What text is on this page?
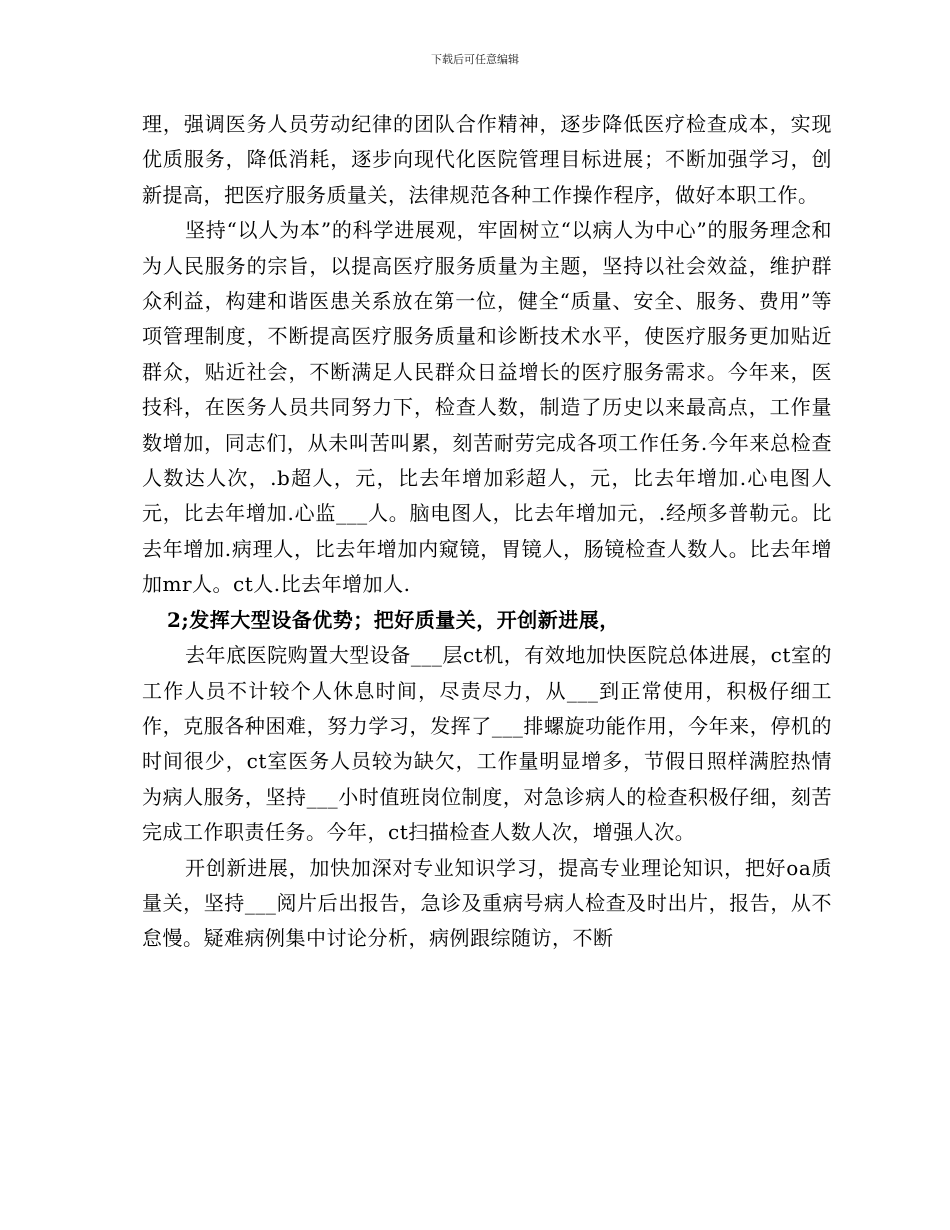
下载后可任意编辑

理，强调医务人员劳动纪律的团队合作精神，逐步降低医疗检查成本，实现优质服务，降低消耗，逐步向现代化医院管理目标进展；不断加强学习，创新提高，把医疗服务质量关，法律规范各种工作操作程序，做好本职工作。

坚持“以人为本”的科学进展观，牢固树立“以病人为中心”的服务理念和为人民服务的宗旨，以提高医疗服务质量为主题，坚持以社会效益，维护群众利益，构建和谐医患关系放在第一位，健全“质量、安全、服务、费用”等项管理制度，不断提高医疗服务质量和诊断技术水平，使医疗服务更加贴近群众，贴近社会，不断满足人民群众日益增长的医疗服务需求。今年来，医技科，在医务人员共同努力下，检查人数，制造了历史以来最高点，工作量数增加，同志们，从未叫苦叫累，刻苦耐劳完成各项工作任务.今年来总检查人数达人次，.b超人，元，比去年增加彩超人，元，比去年增加.心电图人元，比去年增加.心监___人。脑电图人，比去年增加元，.经颅多普勒元。比去年增加.病理人，比去年增加内窥镜，胃镜人，肠镜检查人数人。比去年增加mr人。ct人.比去年增加人.

2;发挥大型设备优势；把好质量关，开创新进展，

去年底医院购置大型设备___层ct机，有效地加快医院总体进展，ct室的工作人员不计较个人休息时间，尽责尽力，从___到正常使用，积极仔细工作，克服各种困难，努力学习，发挥了___排螺旋功能作用，今年来，停机的时间很少，ct室医务人员较为缺欠，工作量明显增多，节假日照样满腔热情为病人服务，坚持___小时值班岗位制度，对急诊病人的检查积极仔细，刻苦完成工作职责任务。今年，ct扫描检查人数人次，增强人次。

开创新进展，加快加深对专业知识学习，提高专业理论知识，把好oa质量关，坚持___阅片后出报告，急诊及重病号病人检查及时出片，报告，从不怠慢。疑难病例集中讨论分析，病例跟综随访，不断
